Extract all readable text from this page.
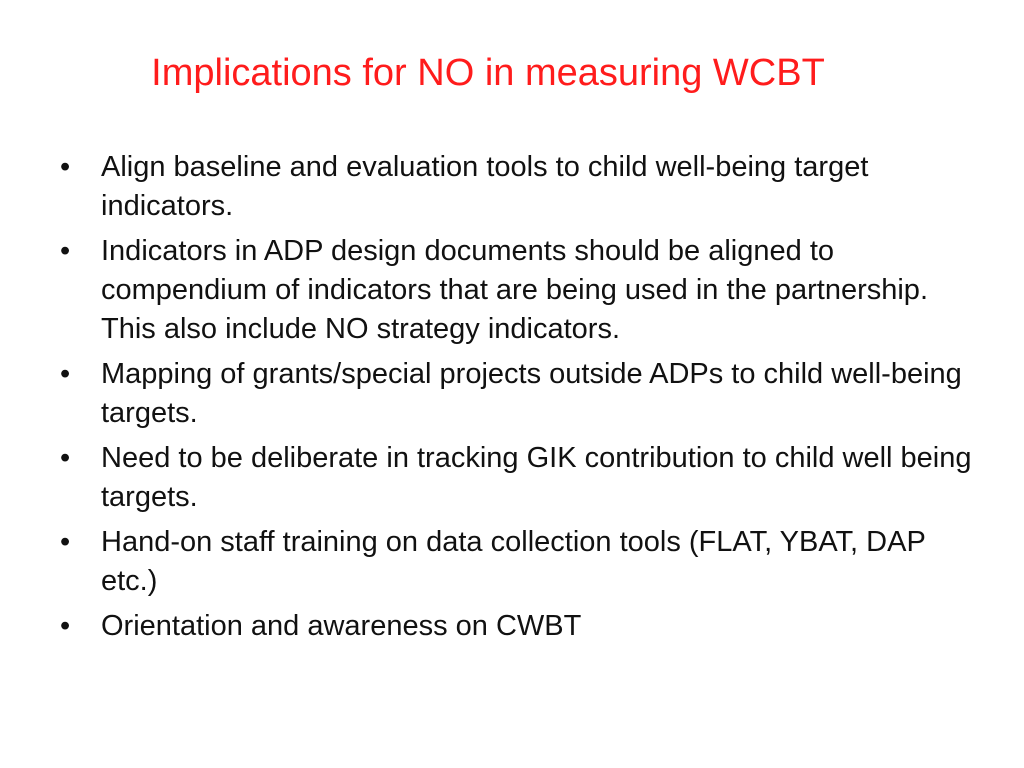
Implications for NO in measuring WCBT
• Align baseline and evaluation tools to child well-being target indicators.
• Indicators in ADP design documents should be aligned to compendium of indicators that are being used in the partnership. This also include NO strategy indicators.
• Mapping of grants/special projects outside ADPs to child well-being targets.
• Need to be deliberate in tracking GIK contribution to child well being targets.
• Hand-on staff training on data collection tools (FLAT, YBAT, DAP etc.)
• Orientation and awareness on CWBT
